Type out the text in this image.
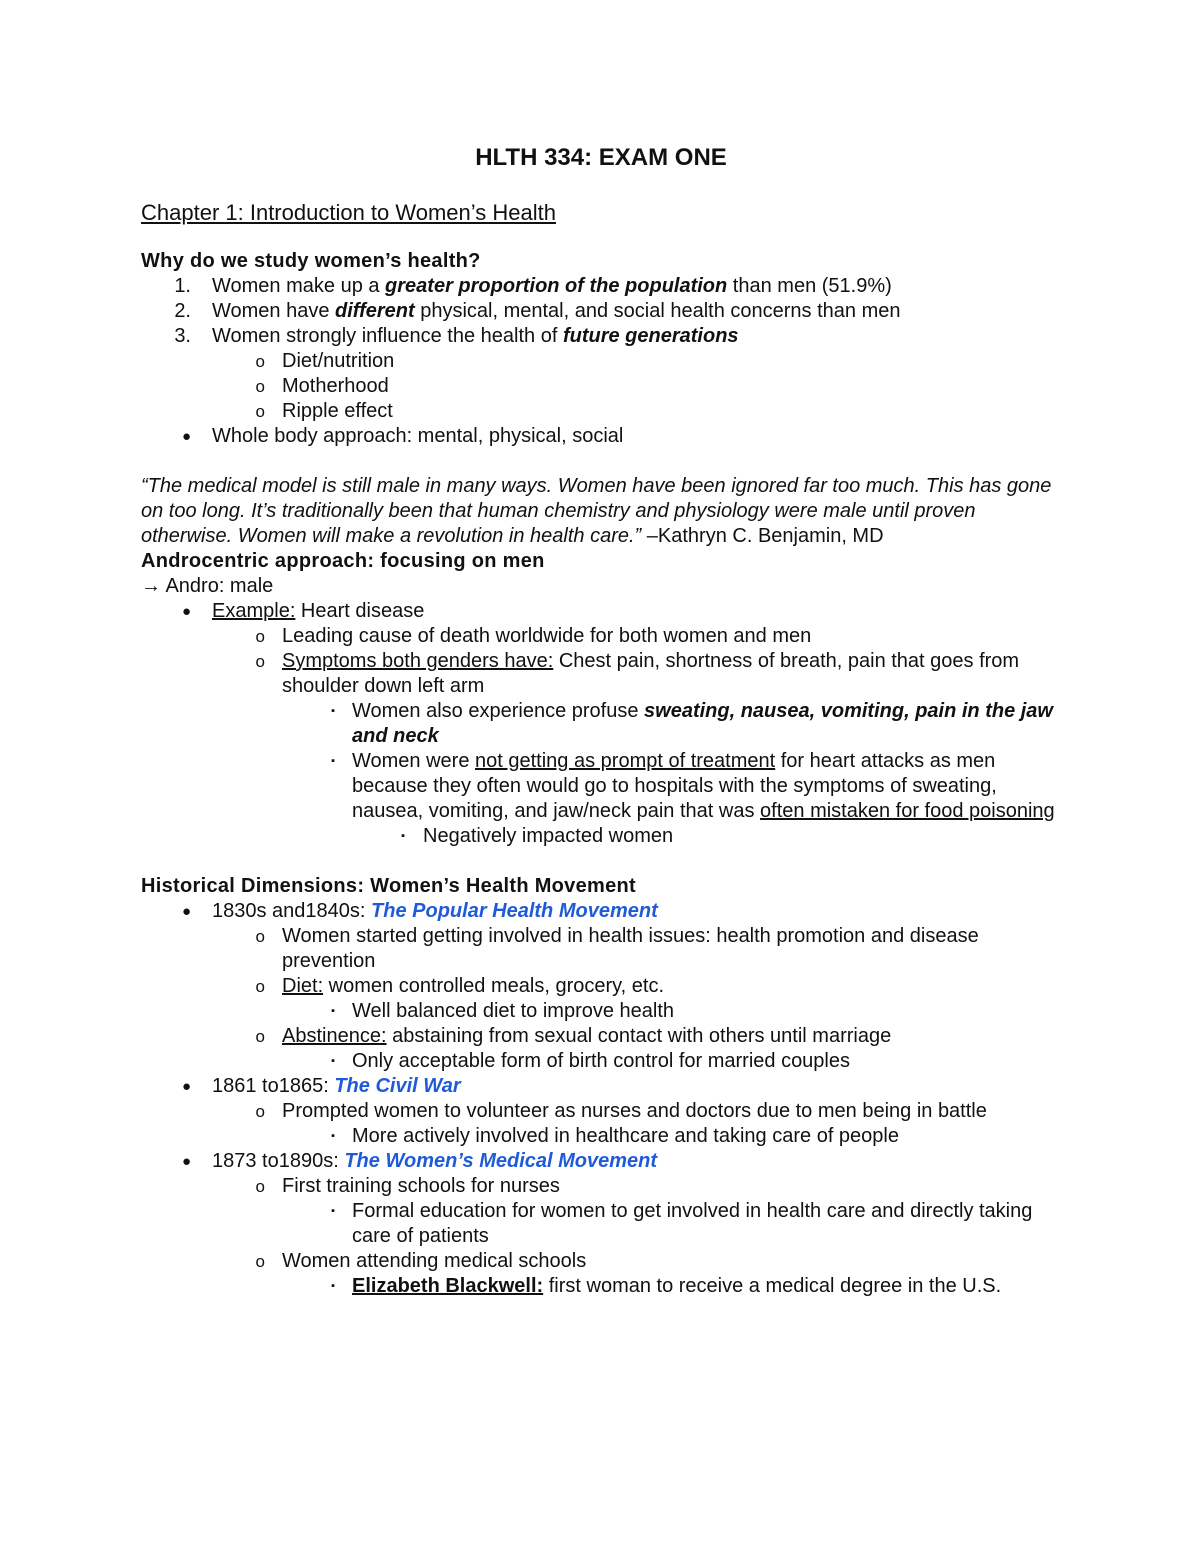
HLTH 334: EXAM ONE
Chapter 1: Introduction to Women’s Health
Why do we study women’s health?
1. Women make up a greater proportion of the population than men (51.9%)
2. Women have different physical, mental, and social health concerns than men
3. Women strongly influence the health of future generations
o Diet/nutrition
o Motherhood
o Ripple effect
● Whole body approach: mental, physical, social
“The medical model is still male in many ways. Women have been ignored far too much. This has gone on too long. It’s traditionally been that human chemistry and physiology were male until proven otherwise. Women will make a revolution in health care.” –Kathryn C. Benjamin, MD
Androcentric approach: focusing on men
→ Andro: male
● Example: Heart disease
o Leading cause of death worldwide for both women and men
o Symptoms both genders have: Chest pain, shortness of breath, pain that goes from shoulder down left arm
▪ Women also experience profuse sweating, nausea, vomiting, pain in the jaw and neck
▪ Women were not getting as prompt of treatment for heart attacks as men because they often would go to hospitals with the symptoms of sweating, nausea, vomiting, and jaw/neck pain that was often mistaken for food poisoning
▪ Negatively impacted women
Historical Dimensions: Women’s Health Movement
● 1830s and1840s: The Popular Health Movement
o Women started getting involved in health issues: health promotion and disease prevention
o Diet: women controlled meals, grocery, etc.
▪ Well balanced diet to improve health
o Abstinence: abstaining from sexual contact with others until marriage
▪ Only acceptable form of birth control for married couples
● 1861 to1865: The Civil War
o Prompted women to volunteer as nurses and doctors due to men being in battle
▪ More actively involved in healthcare and taking care of people
● 1873 to1890s: The Women’s Medical Movement
o First training schools for nurses
▪ Formal education for women to get involved in health care and directly taking care of patients
o Women attending medical schools
▪ Elizabeth Blackwell: first woman to receive a medical degree in the U.S.
